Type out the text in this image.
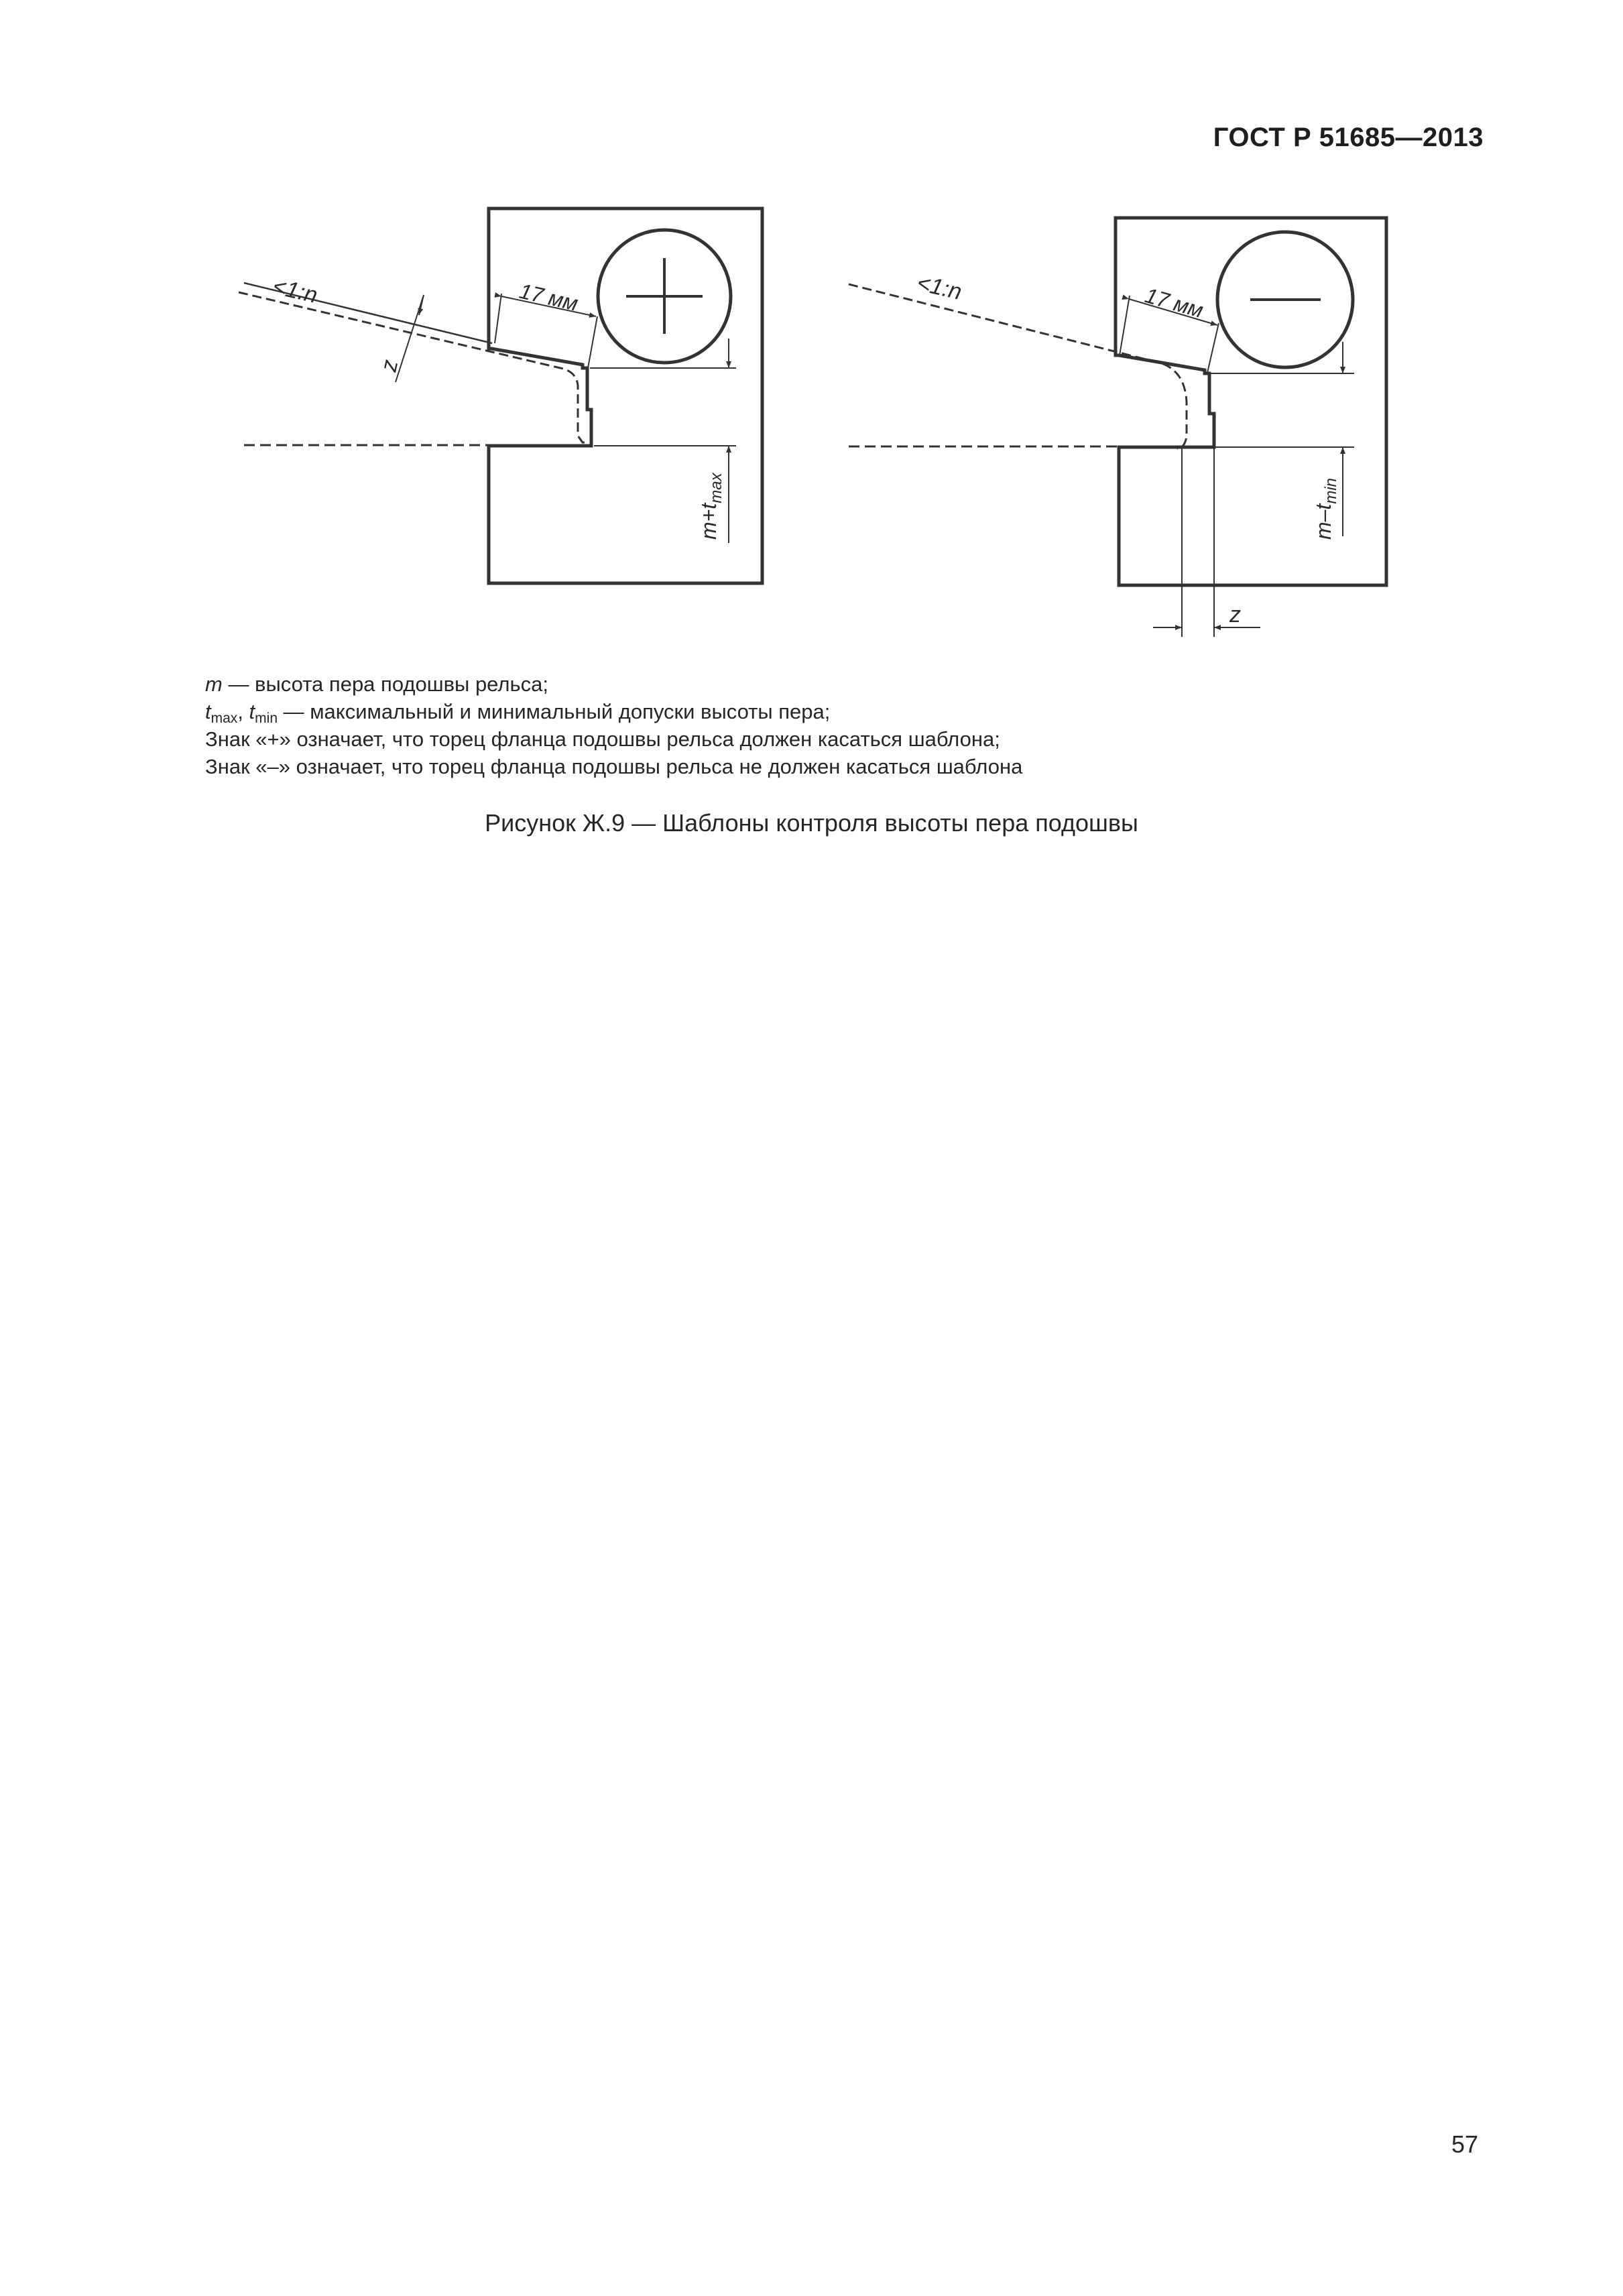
ГОСТ Р 51685—2013
<1:n	17 мм
z
$m+t_{max}$
<1:n	17 мм
z
$m-t_{min}$
m — высота пера подошвы рельса;
$t_{max}$, $t_{min}$ — максимальный и минимальный допуски высоты пера;
Знак «+» означает, что торец фланца подошвы рельса должен касаться шаблона;
Знак «–» означает, что торец фланца подошвы рельса не должен касаться шаблона
Рисунок Ж.9 — Шаблоны контроля высоты пера подошвы
57
